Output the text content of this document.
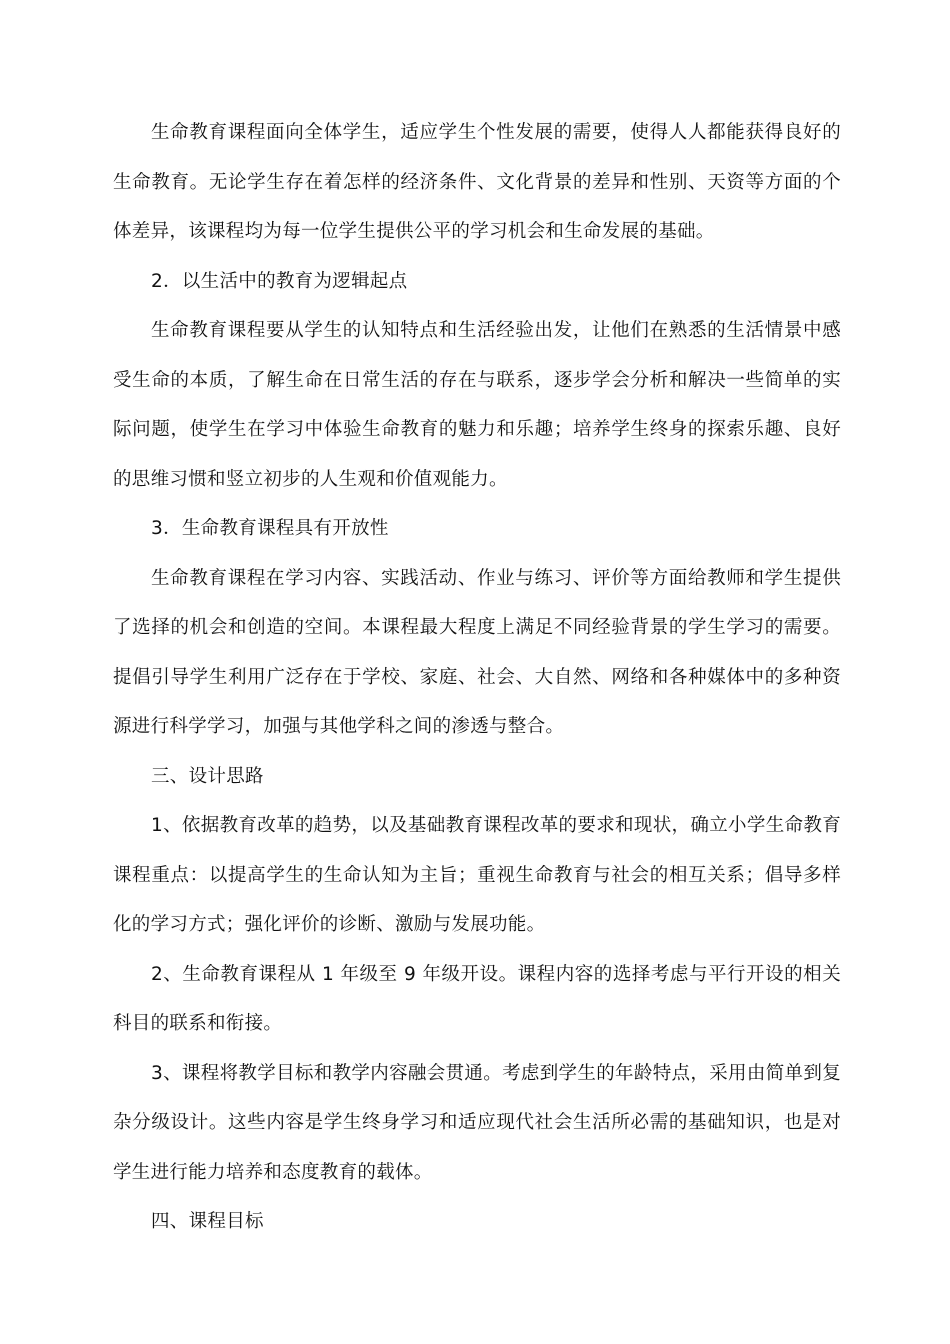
生命教育课程面向全体学生，适应学生个性发展的需要，使得人人都能获得良好的生命教育。无论学生存在着怎样的经济条件、文化背景的差异和性别、天资等方面的个体差异，该课程均为每一位学生提供公平的学习机会和生命发展的基础。

2．以生活中的教育为逻辑起点

生命教育课程要从学生的认知特点和生活经验出发，让他们在熟悉的生活情景中感受生命的本质，了解生命在日常生活的存在与联系，逐步学会分析和解决一些简单的实际问题，使学生在学习中体验生命教育的魅力和乐趣；培养学生终身的探索乐趣、良好的思维习惯和竖立初步的人生观和价值观能力。

3．生命教育课程具有开放性

生命教育课程在学习内容、实践活动、作业与练习、评价等方面给教师和学生提供了选择的机会和创造的空间。本课程最大程度上满足不同经验背景的学生学习的需要。提倡引导学生利用广泛存在于学校、家庭、社会、大自然、网络和各种媒体中的多种资源进行科学学习，加强与其他学科之间的渗透与整合。

三、设计思路

1、依据教育改革的趋势，以及基础教育课程改革的要求和现状，确立小学生命教育课程重点：以提高学生的生命认知为主旨；重视生命教育与社会的相互关系；倡导多样化的学习方式；强化评价的诊断、激励与发展功能。

2、生命教育课程从 1 年级至 9 年级开设。课程内容的选择考虑与平行开设的相关科目的联系和衔接。

3、课程将教学目标和教学内容融会贯通。考虑到学生的年龄特点，采用由简单到复杂分级设计。这些内容是学生终身学习和适应现代社会生活所必需的基础知识，也是对学生进行能力培养和态度教育的载体。

四、课程目标
